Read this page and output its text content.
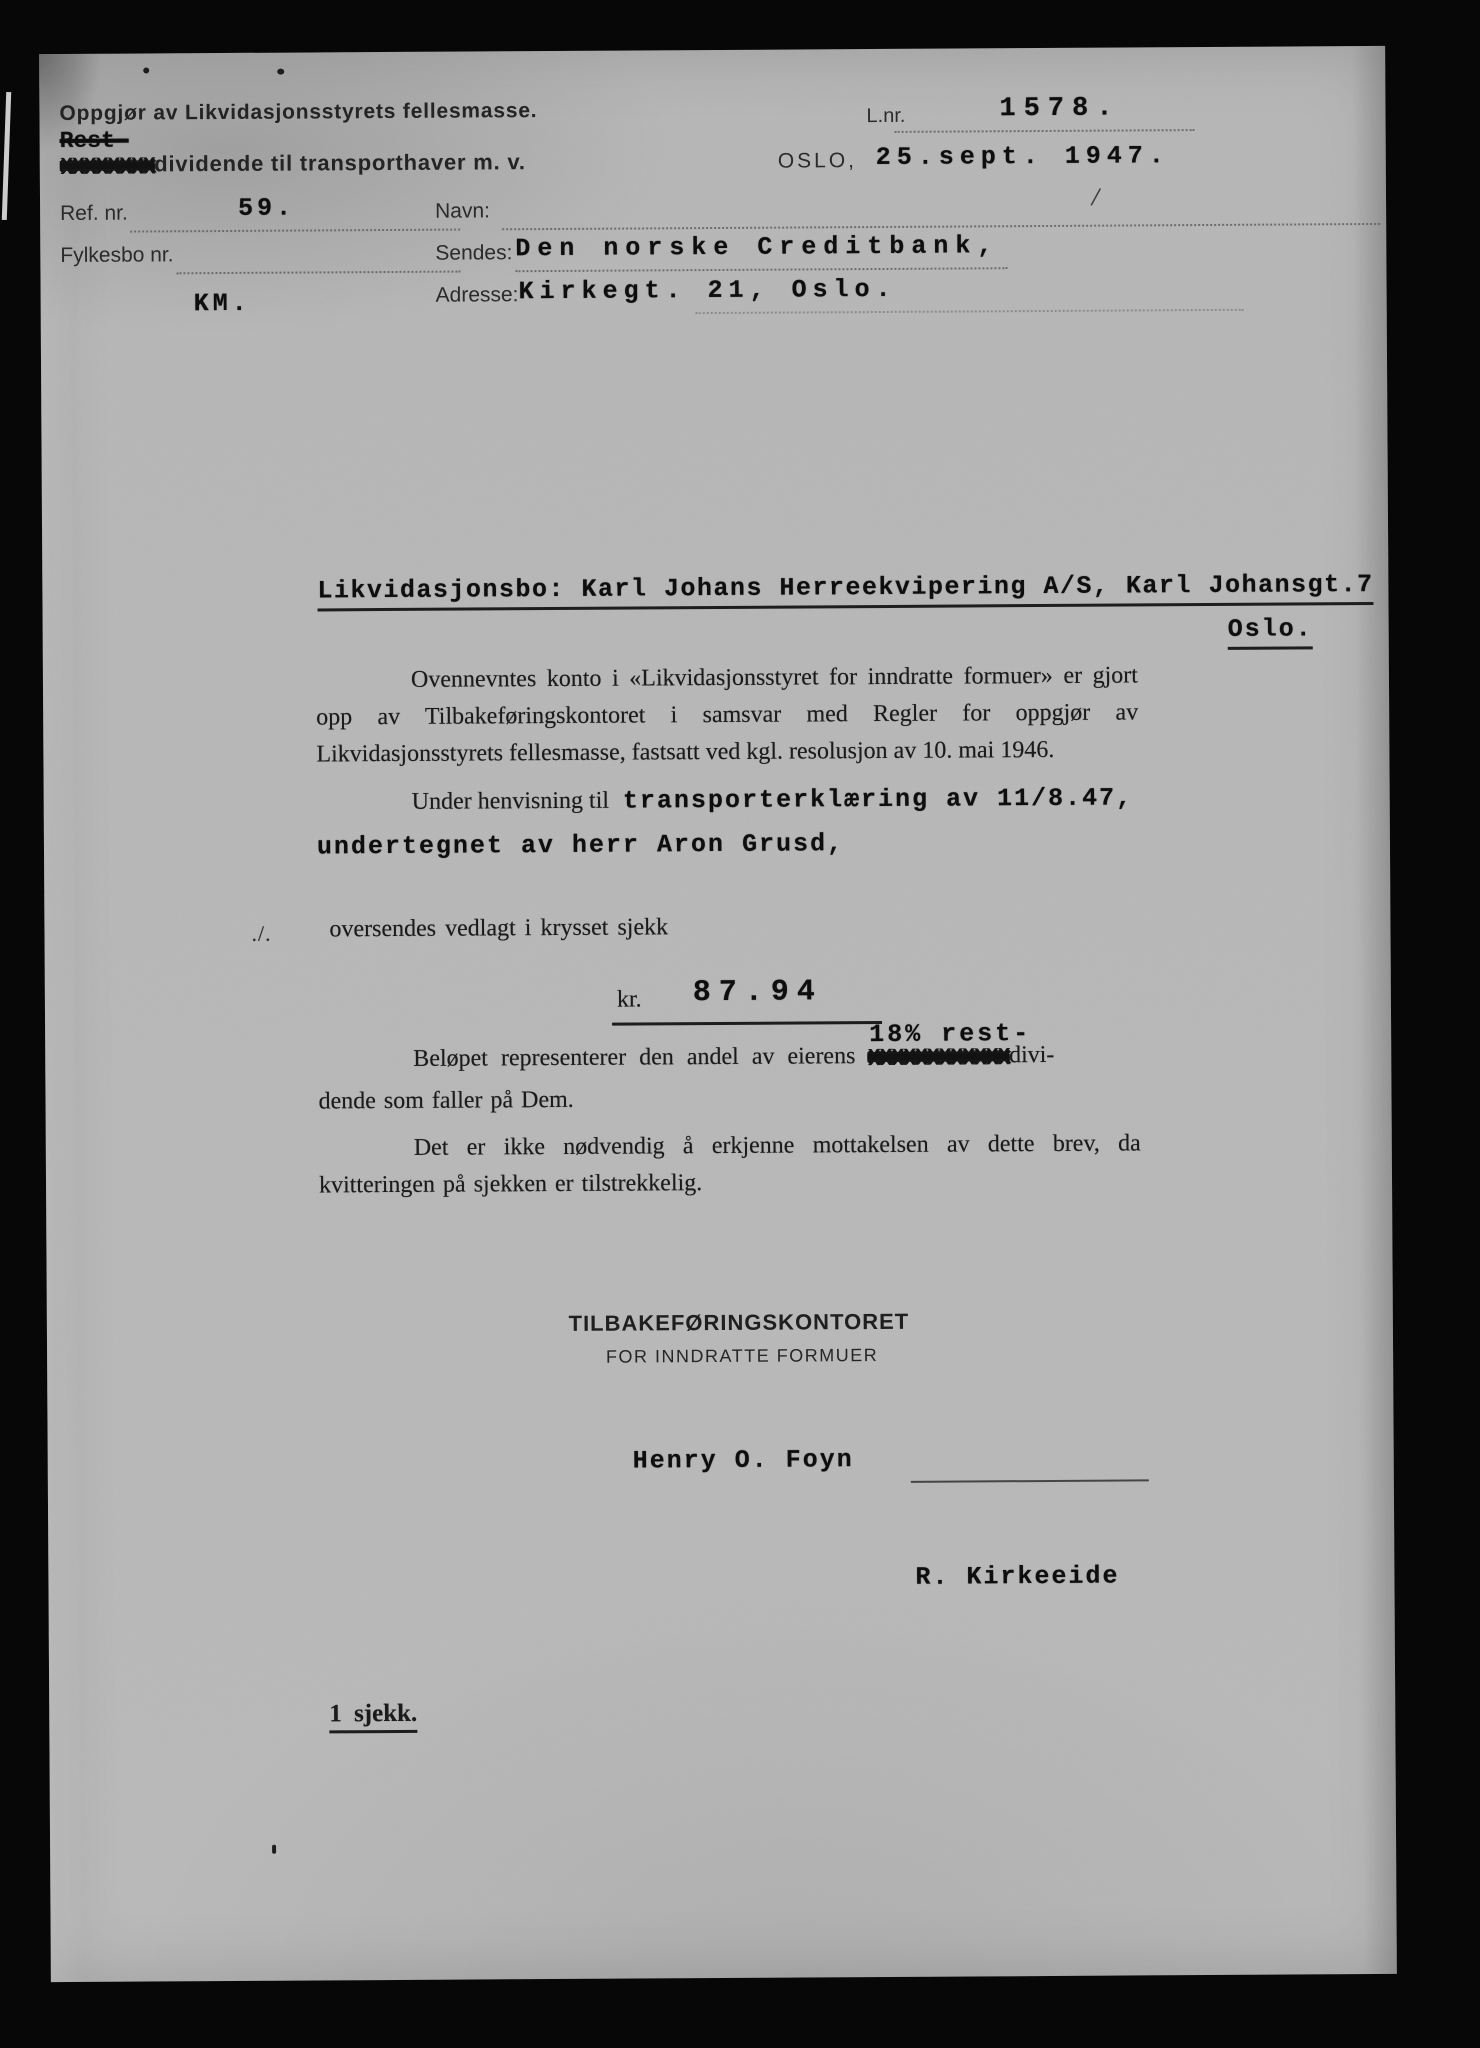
Oppgjør av Likvidasjonsstyrets fellesmasse.
Rest-
xxxxxxxxdividende til transporthaver m. v.
L.nr.	1578.
OSLO, 25.sept. 1947.
Ref. nr.	59.	Navn:	/
Fylkesbo nr.	Sendes: Den norske Creditbank,
KM.	Adresse: Kirkegt. 21, Oslo.
Likvidasjonsbo: Karl Johans Herreekvipering A/S, Karl Johansgt.7
Oslo.
Ovennevntes konto i «Likvidasjonsstyret for inndratte formuer» er gjort opp av Tilbakeføringskontoret i samsvar med Regler for oppgjør av Likvidasjonsstyrets fellesmasse, fastsatt ved kgl. resolusjon av 10. mai 1946.
Under henvisning til transporterklæring av 11/8.47,
undertegnet av herr Aron Grusd,
./. oversendes vedlagt i krysset sjekk
kr. 87.94
Beløpet representerer den andel av eierens xxxxxxxxxxxx
18% rest-
divi-
dende som faller på Dem.
Det er ikke nødvendig å erkjenne mottakelsen av dette brev, da kvitteringen på sjekken er tilstrekkelig.
TILBAKEFØRINGSKONTORET
FOR INNDRATTE FORMUER
Henry O. Foyn
R. Kirkeeide
1 sjekk.
